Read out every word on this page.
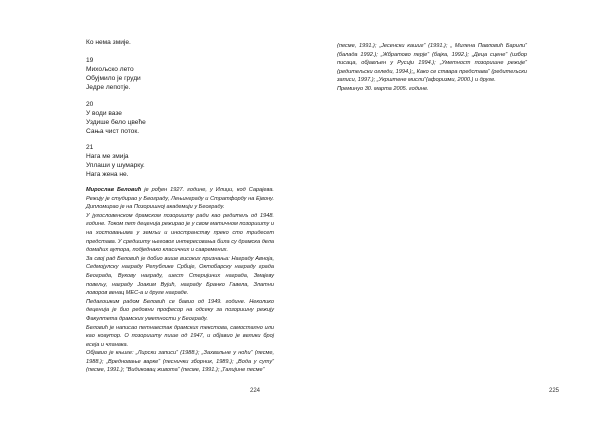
Ко нема змије.
19
Михољско лето
Обујмило је груди
Једре лепотје.
20
У води вазе
Уздише бело цвеће
Сања чист поток.
21
Нага ме змија
Уплаши у шумарку.
Нага жена не.

Мирослав Беловић је рођен 1927. године, у Илиџи, код Сарајева. Режију је студирао у Београду, Лењинграду и Стратфорду на Ејвону. Дипломирао је на Позоришној академији у Београду.

У југословенском драмском позоришту ради као редитељ од 1948. године. Током пет деценија режирао је у свом матичном позоришту и на хостовањима у земљи и иностранству преко сто тридесет представа. У средишту његовог интересовања била су драмска дела домаћих аутора, подједнако класичних и савремених.

За свој рад Беловић је добио више високих признања: Награду Авноја, Седмојулску награду Републике Србије, Октобарску награду града Београда, Вукову награду, шест Стеријиних награда, Змајеву повељу, награду Јоаким Вујић, награду Бранко Гавела, Златни ловоров венац МЕС-а и друге награде.

Педагошким радом Беловић се бавио од 1949. године. Неколико деценија је био редовни професор на одсеку за позоришну режију Факултета драмских уметности у Београду.

Беловић је написао петнаестак драмских текстова, самостално или као коаутор. О позоришту пише од 1947, и објавио је велики број есеја и чланака.

Објавио је књиге: „Лирски записи“ (1988.); „Захвальне у ноћи“ (песме, 1988.); „Вредновање варке“ (песнички зборник, 1989.); „Вода у суту“ (песме, 1991.); “Видиковац живота“ (песме, 1991.); „Талијине песме“

224	225

(песме, 1991.); „Јесенски кашиг“ (1991.); „ Милена Павловић Барили“ (балада 1992.); „Жбратово перје“ (бајка, 1992.); „Деца сцене“ (избор писаца, објављен у Русији 1994.); „Уметност позоришне режије“ (редитељски огледи, 1994.);„ Како се ствара представа“ (редитељски записи, 1997.); „Укрштене мисли“(афоризми, 2000.) и друге.

Преминуо 30. марта 2005. године.
